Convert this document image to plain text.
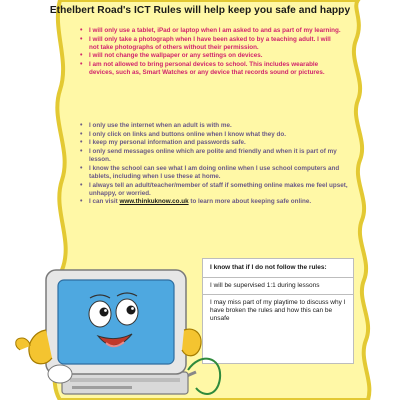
Ethelbert Road's ICT Rules will help keep you safe and happy
• I will only use a tablet, iPad or laptop when I am asked to and as part of my learning.
• I will only take a photograph when I have been asked to by a teaching adult. I will not take photographs of others without their permission.
• I will not change the wallpaper or any settings on devices.
• I am not allowed to bring personal devices to school. This includes wearable devices, such as, Smart Watches or any device that records sound or pictures.
• I only use the internet when an adult is with me.
• I only click on links and buttons online when I know what they do.
• I keep my personal information and passwords safe.
• I only send messages online which are polite and friendly and when it is part of my lesson.
• I know the school can see what I am doing online when I use school computers and tablets, including when I use these at home.
• I always tell an adult/teacher/member of staff if something online makes me feel upset, unhappy, or worried.
• I can visit www.thinkuknow.co.uk to learn more about keeping safe online.
I know that if I do not follow the rules:
I will be supervised 1:1 during lessons
I may miss part of my playtime to discuss why I have broken the rules and how this can be unsafe
